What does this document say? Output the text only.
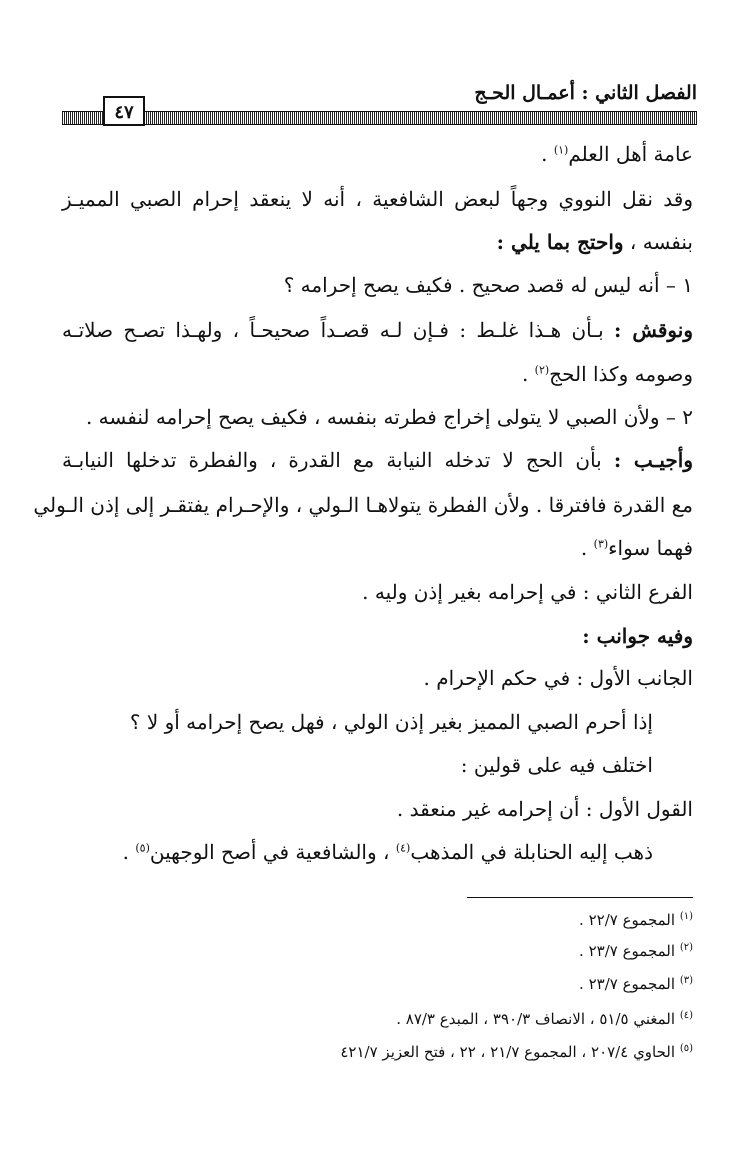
الفصل الثاني : أعمـال الحـج
٤٧
عامة أهل العلم$^{(١)}$ .
وقد نقل النووي وجهاً لبعض الشافعية ، أنه لا ينعقد إحرام الصبي المميـز
بنفسه ، واحتج بما يلي :
١ – أنه ليس له قصد صحيح . فكيف يصح إحرامه ؟
ونوقش : بـأن هـذا غلـط : فـإن لـه قصـداً صحيحـاً ، ولهـذا تصـح صلاتـه
وصومه وكذا الحج$^{(٢)}$ .
٢ – ولأن الصبي لا يتولى إخراج فطرته بنفسه ، فكيف يصح إحرامه لنفسه .
وأجيـب : بأن الحج لا تدخله النيابة مع القدرة ، والفطرة تدخلها النيابـة
مع القدرة فافترقا . ولأن الفطرة يتولاهـا الـولي ، والإحـرام يفتقـر إلى إذن الـولي
فهما سواء$^{(٣)}$ .
الفرع الثاني : في إحرامه بغير إذن وليه .
وفيه جوانب :
الجانب الأول : في حكم الإحرام .
إذا أحرم الصبي المميز بغير إذن الولي ، فهل يصح إحرامه أو لا ؟
اختلف فيه على قولين :
القول الأول : أن إحرامه غير منعقد .
ذهب إليه الحنابلة في المذهب$^{(٤)}$ ، والشافعية في أصح الوجهين$^{(٥)}$ .
$^{(١)}$ المجموع ٢٢/٧ .
$^{(٢)}$ المجموع ٢٣/٧ .
$^{(٣)}$ المجموع ٢٣/٧ .
$^{(٤)}$ المغني ٥١/٥ ، الانصاف ٣٩٠/٣ ، المبدع ٨٧/٣ .
$^{(٥)}$ الحاوي ٢٠٧/٤ ، المجموع ٢١/٧ ، ٢٢ ، فتح العزيز ٤٢١/٧
